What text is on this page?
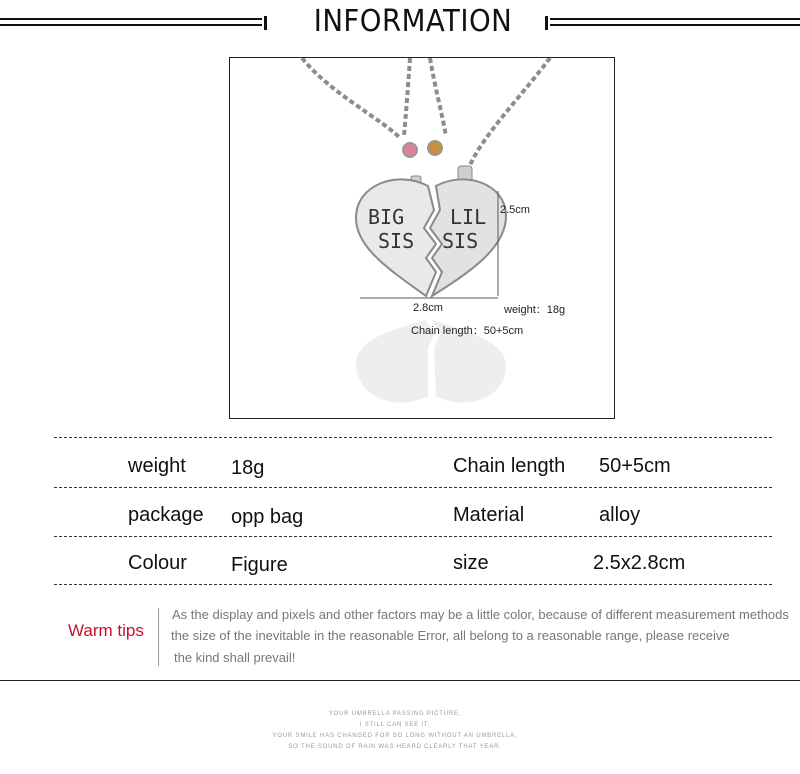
INFORMATION
BIG
SIS
LIL
SIS
2.5cm
2.8cm	weight：18g
Chain length：50+5cm
weight 18g	Chain length 50+5cm
package opp bag	Material	alloy
Colour Figure	size	2.5x2.8cm
Warm tips
As the display and pixels and other factors may be a little color, because of different measurement methods
the size of the inevitable in the reasonable Error, all belong to a reasonable range, please receive
the kind shall prevail!
YOUR UMBRELLA PASSING PICTURE,
I STILL CAN SEE IT,
YOUR SMILE HAS CHANGED FOR SO LONG WITHOUT AN UMBRELLA,
SO THE SOUND OF RAIN WAS HEARD CLEARLY THAT YEAR.
